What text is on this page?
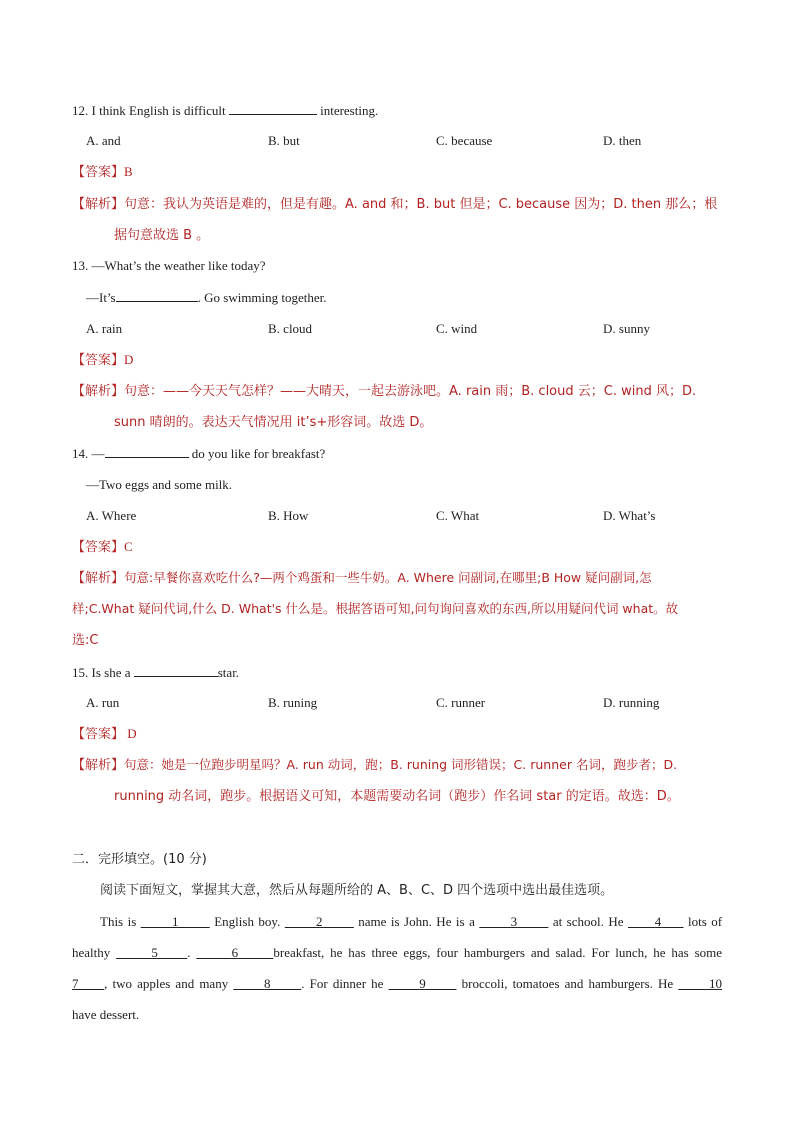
12. I think English is difficult	interesting.
A. and	B. but	C. because	D. then
【答案】B
【解析】句意：我认为英语是难的，但是有趣。A. and 和；B. but 但是；C. because 因为；D. then 那么；根
据句意故选 B 。
13. —What’s the weather like today?
—It’s	. Go swimming together.
A. rain	B. cloud	C. wind	D. sunny
【答案】D
【解析】句意：——今天天气怎样？——大晴天，一起去游泳吧。A. rain 雨；B. cloud 云；C. wind 风；D.
sunn 晴朗的。表达天气情况用 it’s+形容词。故选 D。
14. —	do you like for breakfast?
—Two eggs and some milk.
A. Where	B. How	C. What	D. What’s
【答案】C
【解析】句意:早餐你喜欢吃什么?—两个鸡蛋和一些牛奶。A. Where 问副词,在哪里;B How 疑问副词,怎
样;C.What 疑问代词,什么 D. What's 什么是。根据答语可知,问句询问喜欢的东西,所以用疑问代词 what。故
选:C
15. Is she a	star.
A. run	B. runing	C. runner	D. running
【答案】 D
【解析】句意：她是一位跑步明星吗？A. run 动词，跑；B. runing 词形错误；C. runner 名词，跑步者；D.
running 动名词，跑步。根据语义可知，本题需要动名词（跑步）作名词 star 的定语。故选：D。
二．完形填空。(10 分)
阅读下面短文，掌握其大意，然后从每题所给的 A、B、C、D 四个选项中选出最佳选项。
This is	1	English boy.	2	name is John. He is a	3	at school. He 4 lots of
healthy	5 .	6	breakfast, he has three eggs, four hamburgers and salad. For lunch, he has some
7 , two apples and many	8 . For dinner he	9	broccoli, tomatoes and hamburgers. He	10
have dessert.
